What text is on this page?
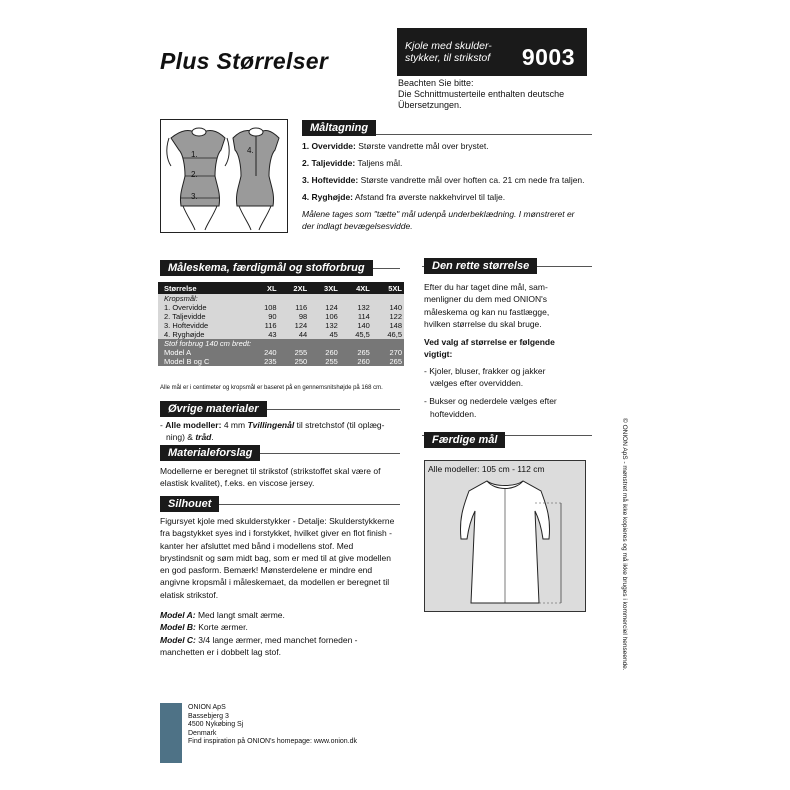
Plus Størrelser
Kjole med skulder-
stykker, til strikstof	9003
Beachten Sie bitte:
Die Schnittmusterteile enthalten deutsche
Übersetzungen.
1.
2.
3.
4.
Måltagning

1. Overvidde: Største vandrette mål over brystet.

2. Taljevidde: Taljens mål.

3. Hoftevidde: Største vandrette mål over hoften ca. 21 cm nede fra taljen.

4. Ryghøjde: Afstand fra øverste nakkehvirvel til talje.

Målene tages som "tætte" mål udenpå underbeklædning. I mønstreret er
der indlagt bevægelsesvidde.
Måleskema, færdigmål og stofforbrug
Størrelse	XL	2XL	3XL	4XL	5XL
Kropsmål:					
1. Overvidde	108	116	124	132	140
2. Taljevidde	90	98	106	114	122
3. Hoftevidde	116	124	132	140	148
4. Ryghøjde	43	44	45	45,5	46,5
Stof forbrug 140 cm bredt:					
Model A	240	255	260	265	270
Model B og C	235	250	255	260	265
Alle mål er i centimeter og kropsmål er baseret på en gennemsnitshøjde på 168 cm.
Øvrige materialer
- Alle modeller: 4 mm Tvillingenål til stretchstof (til oplæg-
ning) & tråd.
Materialeforslag
Modellerne er beregnet til strikstof (strikstoffet skal være of
elastisk kvalitet), f.eks. en viscose jersey.
Silhouet
Figursyet kjole med skulderstykker - Detalje: Skulderstykkerne
fra bagstykket syes ind i forstykket, hvilket giver en flot finish -
kanter her afsluttet med bånd i modellens stof. Med
brystindsnit og søm midt bag, som er med til at give modellen
en god pasform. Bemærk! Mønsterdelene er mindre end
angivne kropsmål i måleskemaet, da modellen er beregnet til
elatisk strikstof.
Model A: Med langt smalt ærme.
Model B: Korte ærmer.
Model C: 3/4 lange ærmer, med manchet forneden -
manchetten er i dobbelt lag stof.
Den rette størrelse
Efter du har taget dine mål, sam-
menligner du dem med ONION's
måleskema og kan nu fastlægge,
hvilken størrelse du skal bruge.
Ved valg af størrelse er følgende
vigtigt:
- Kjoler, bluser, frakker og jakker
vælges efter overvidden.
- Bukser og nederdele vælges efter
hoftevidden.
Færdige mål
Alle modeller: 105 cm - 112 cm	© ONION ApS - mønstret må ikke kopieres og må ikke bruges i kommerciel henseende.
ONION ApS
Bassebjerg 3
4500 Nykøbing Sj
Denmark
Find inspiration på ONION's homepage: www.onion.dk
